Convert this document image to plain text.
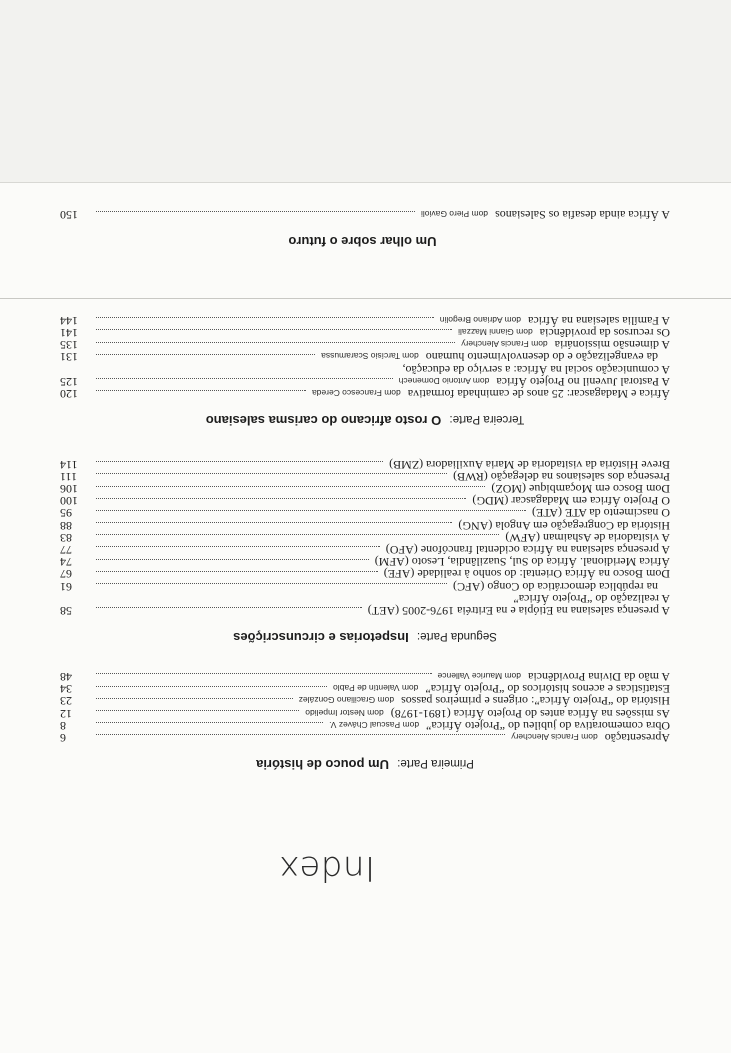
Index
Primeira Parte: Um pouco de história
Apresentação
dom Francis Alenchery
6
Obra comemorativa do jubileu do “Projeto África”
dom Pascual Chávez V.
8
As missões na África antes do Projeto África (1891-1978)
dom Nestor Impelido
12
História do “Projeto África”: origens e primeiros passos
dom Graciliano González
23
Estatísticas e acenos históricos do “Projeto África”
dom Valentín de Pablo
34
A mão da Divina Providência
dom Maurice Vallence
48
Segunda Parte: Inspetorias e circunscrições
A presença salesiana na Etiópia e na Eritréia 1976-2005 (AET)
58
A realização do “Projeto África”
na república democrática do Congo (AFC)
61
Dom Bosco na África Oriental: do sonho à realidade (AFE)
67
África Meridional. África do Sul, Suazilândia, Lesoto (AFM)
74
A presença salesiana na África ocidental francófone (AFO)
77
A visitadoria de Ashaiman (AFW)
83
História da Congregação em Angola (ANG)
88
O nascimento da ATE (ATE)
95
O Projeto África em Madagascar (MDG)
100
Dom Bosco em Moçambique (MOZ)
106
Presença dos salesianos na delegação (RWB)
111
Breve História da visitadoria de Maria Auxiliadora (ZMB)
114
Terceira Parte: O rosto africano do carisma salesiano
África e Madagascar: 25 anos de caminhada formativa
dom Francesco Cereda
120
A Pastoral Juvenil no Projeto África
dom Antonio Domenech
125
A comunicação social na África: a serviço da educação,
da evangelização e do desenvolvimento humano
dom Tarcísio Scaramussa
131
A dimensão missionária
dom Francis Alenchery
135
Os recursos da providência
dom Gianni Mazzali
141
A Família salesiana na África
dom Adriano Bregolin
144
Um olhar sobre o futuro
A África ainda desafia os Salesianos
dom Piero Gavioli
150
